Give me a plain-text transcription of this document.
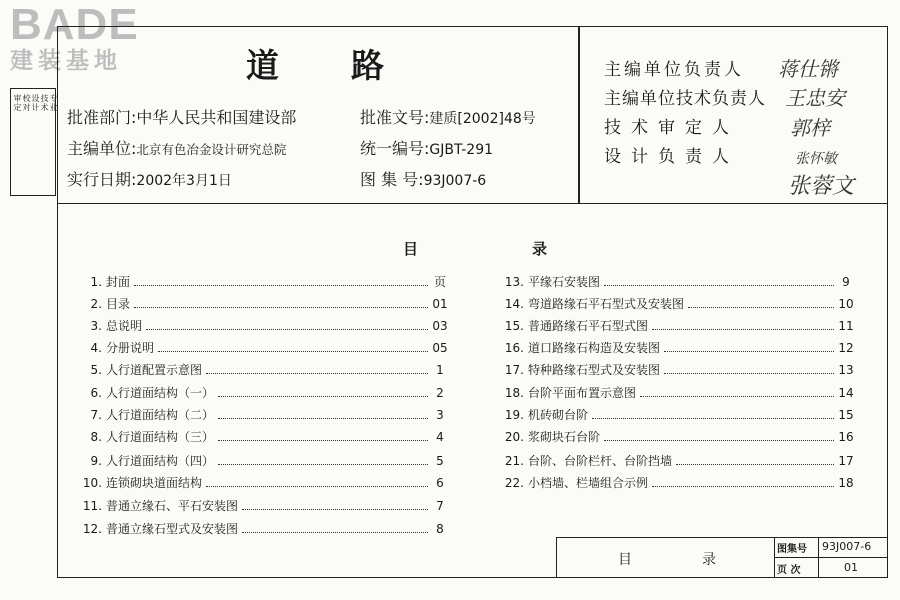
BADE
建装基地
审定
校对
设计
技术
专业
道 路
批准部门:中华人民共和国建设部
主编单位:北京有色冶金设计研究总院
实行日期:2002年3月1日
批准文号:建质[2002]48号
统一编号:GJBT-291
图 集 号:93J007-6
主编单位负责人 蒋仕锵
主编单位技术负责人 王忠安
技术审定人	郭梓
设计负责人	张怀敏
张蓉文
目	录
1. 封面	页
2. 目录	01
3. 总说明	03
4. 分册说明	05
5. 人行道配置示意图	1
6. 人行道面结构（一）	2
7. 人行道面结构（二）	3
8. 人行道面结构（三）	4
9. 人行道面结构（四）	5
10. 连锁砌块道面结构	6
11. 普通立缘石、平石安装图	7
12. 普通立缘石型式及安装图	8
13. 平缘石安装图	9
14. 弯道路缘石平石型式及安装图	10
15. 普通路缘石平石型式图	11
16. 道口路缘石构造及安装图	12
17. 特种路缘石型式及安装图	13
18. 台阶平面布置示意图	14
19. 机砖砌台阶	15
20. 浆砌块石台阶	16
21. 台阶、台阶栏杆、台阶挡墙	17
22. 小档墙、栏墙组合示例	18
目	录
图集号 93J007-6
页 次	01
